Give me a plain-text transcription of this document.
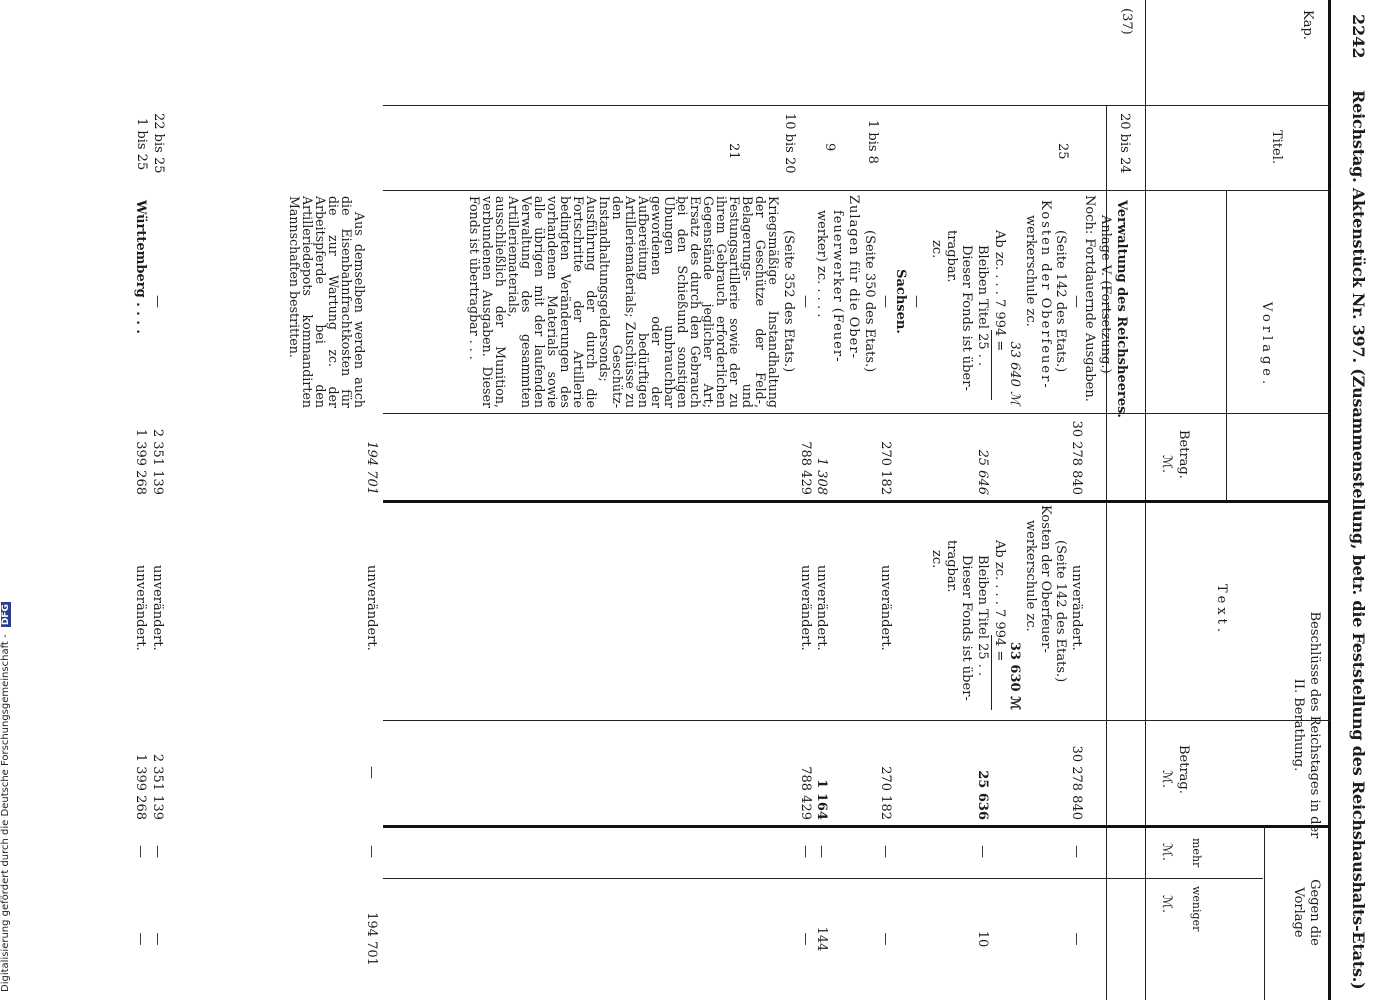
2242
Reichstag. Aktenstück Nr. 397. (Zusammenstellung, betr. die Feststellung des Reichshaushalts-Etats.)
Kap.
Titel.
Vorlage.
Betrag.
ℳ.
Beschlüsse des Reichstages in der
II. Berathung.
Text.
Betrag.
ℳ.
Gegen die
Vorlage
mehr
weniger
ℳ.
ℳ.
(37)
20 bis 24
25
1 bis 8
9
10 bis 20
21
22 bis 25
1 bis 25
Verwaltung des Reichsheeres.
Anlage V. (Fortsetzung.)
Noch: Fortdauernde Ausgaben.
—
(Seite 142 des Etats.)
Kosten der Oberfeuer-
werkerschule zc.
33 640 ℳ
Ab zc. . . . 7 994 =
Bleiben Titel 25 . .
Dieser Fonds ist über-
tragbar.
zc.
—
Sachsen.
—
(Seite 350 des Etats.)
Zulagen für die Ober-
feuerwerker (Feuer-
werker) zc. . . . .
—
(Seite 352 des Etats.)
Kriegsmäßige Instandhaltung der Geschütze der Feld-, Belagerungs- und Festungsartillerie sowie der zu ihrem Gebrauch erforderlichen Gegenstände jeglicher Art; Ersatz des durch den Gebrauch bei den Schießund sonstigen Übungen unbrauchbar gewordenen oder der Aufbereitung bedürftigen Artilleriematerials; Zuschüsse zu den Geschütz-Instandhaltungsgeldersonds; Ausführung der durch die Fortschritte der Artillerie bedingten Veränderungen des vorhandenen Materials sowie alle übrigen mit der laufenden Verwaltung des gesammten Artilleriematerials, ausschließlich der Munition, verbundenen Ausgaben. Dieser Fonds ist übertragbar . . .
Aus demselben werden auch die Eisenbahnfrachtkosten für die zur Wartung zc. der Arbeitspferde bei den Artilleriedepots kommandirten Mannschaften bestritten.
—
Württemberg . . . .
30 278 840
25 646
270 182
1 308
788 429
194 701
2 351 139
1 399 268
unverändert.
(Seite 142 des Etats.)
Kosten der Oberfeuer-
werkerschule zc.
33 630 ℳ
Ab zc. . . . 7 994 =
Bleiben Titel 25 . .
Dieser Fonds ist über-
tragbar.
zc.
unverändert.
unverändert.
unverändert.
unverändert.
unverändert.
unverändert.
30 278 840
25 636
270 182
1 164
788 429
—
2 351 139
1 399 268
—
—
—
—
—
—
—
—
—
10
—
144
—
194 701
—
—
Digitalisierung gefördert durch die Deutsche Forschungsgemeinschaft - DFG
